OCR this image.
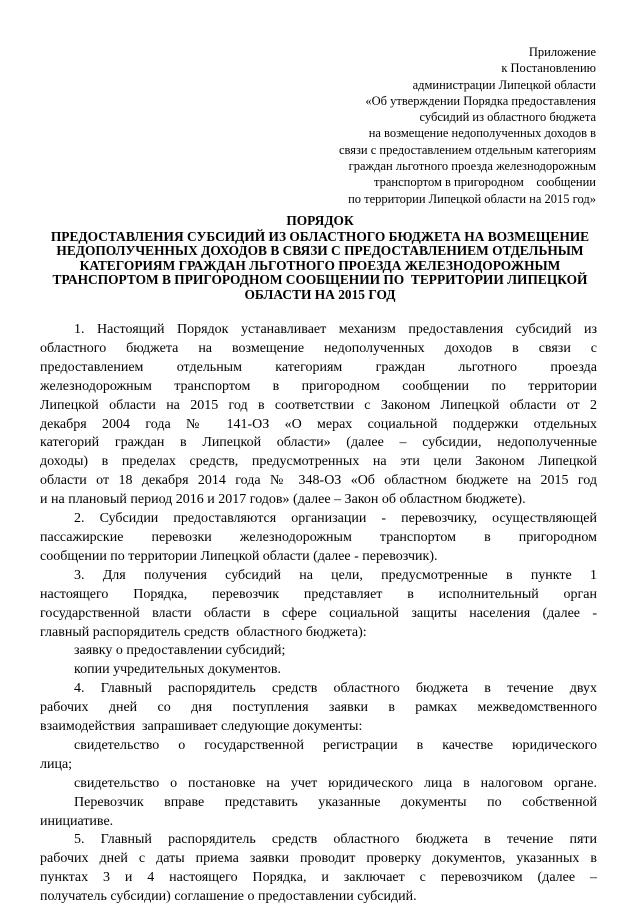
Приложение
к Постановлению
администрации Липецкой области
«Об утверждении Порядка предоставления
субсидий из областного бюджета
на возмещение недополученных доходов в
связи с предоставлением отдельным категориям
граждан льготного проезда железнодорожным
транспортом в пригородном    сообщении
по территории Липецкой области на 2015 год»
ПОРЯДОК
ПРЕДОСТАВЛЕНИЯ СУБСИДИЙ ИЗ ОБЛАСТНОГО БЮДЖЕТА НА ВОЗМЕЩЕНИЕ
НЕДОПОЛУЧЕННЫХ ДОХОДОВ В СВЯЗИ С ПРЕДОСТАВЛЕНИЕМ ОТДЕЛЬНЫМ
КАТЕГОРИЯМ ГРАЖДАН ЛЬГОТНОГО ПРОЕЗДА ЖЕЛЕЗНОДОРОЖНЫМ
ТРАНСПОРТОМ В ПРИГОРОДНОМ СООБЩЕНИИ ПО  ТЕРРИТОРИИ ЛИПЕЦКОЙ
ОБЛАСТИ НА 2015 ГОД

1. Настоящий Порядок устанавливает механизм предоставления субсидий из
областного бюджета на возмещение недополученных доходов в связи с
предоставлением отдельным категориям граждан льготного проезда
железнодорожным транспортом в пригородном сообщении по территории
Липецкой области на 2015 год в соответствии с Законом Липецкой области от 2
декабря 2004 года № 141-ОЗ «О мерах социальной поддержки отдельных
категорий граждан в Липецкой области» (далее – субсидии, недополученные
доходы) в пределах средств, предусмотренных на эти цели Законом Липецкой
области от 18 декабря 2014 года № 348-ОЗ «Об областном бюджете на 2015 год
и на плановый период 2016 и 2017 годов» (далее – Закон об областном бюджете).

2. Субсидии предоставляются организации - перевозчику, осуществляющей
пассажирские перевозки железнодорожным транспортом в пригородном
сообщении по территории Липецкой области (далее - перевозчик).

3. Для получения субсидий на цели, предусмотренные в пункте 1
настоящего Порядка, перевозчик представляет в исполнительный орган
государственной власти области в сфере социальной защиты населения (далее -
главный распорядитель средств  областного бюджета):
заявку о предоставлении субсидий;
копии учредительных документов.

4. Главный распорядитель средств областного бюджета в течение двух
рабочих дней со дня поступления заявки в рамках межведомственного
взаимодействия  запрашивает следующие документы:
свидетельство о государственной регистрации в качестве юридического
лица;
свидетельство о постановке на учет юридического лица в налоговом органе.
Перевозчик вправе представить указанные документы по собственной
инициативе.

5. Главный распорядитель средств областного бюджета в течение пяти
рабочих дней с даты приема заявки проводит проверку документов, указанных в
пунктах 3 и 4 настоящего Порядка, и заключает с перевозчиком (далее –
получатель субсидии) соглашение о предоставлении субсидий.
